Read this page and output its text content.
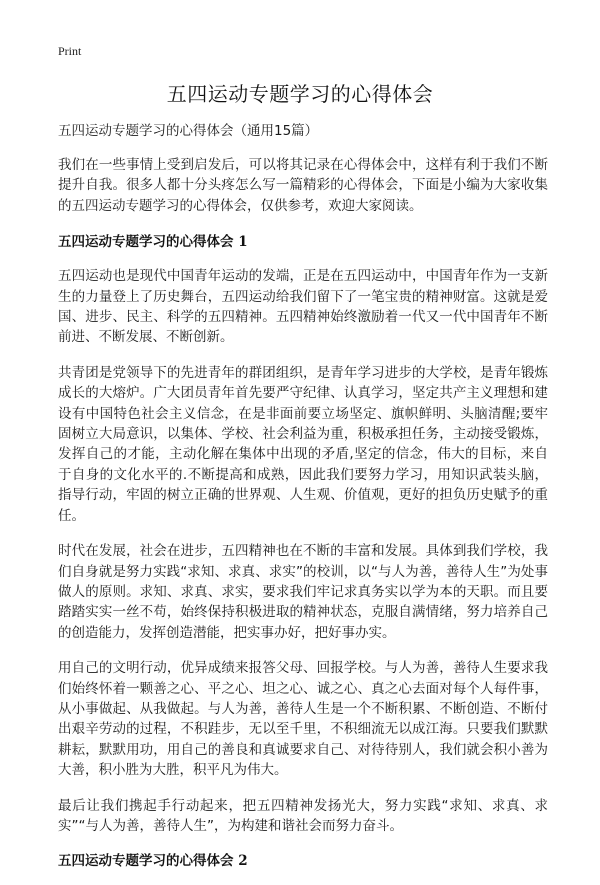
Print
五四运动专题学习的心得体会

五四运动专题学习的心得体会（通用15篇）

我们在一些事情上受到启发后，可以将其记录在心得体会中，这样有利于我们不断提升自我。很多人都十分头疼怎么写一篇精彩的心得体会，下面是小编为大家收集的五四运动专题学习的心得体会，仅供参考，欢迎大家阅读。

五四运动专题学习的心得体会 1

五四运动也是现代中国青年运动的发端，正是在五四运动中，中国青年作为一支新生的力量登上了历史舞台，五四运动给我们留下了一笔宝贵的精神财富。这就是爱国、进步、民主、科学的五四精神。五四精神始终激励着一代又一代中国青年不断前进、不断发展、不断创新。

共青团是党领导下的先进青年的群团组织，是青年学习进步的大学校，是青年锻炼成长的大熔炉。广大团员青年首先要严守纪律、认真学习，坚定共产主义理想和建设有中国特色社会主义信念，在是非面前要立场坚定、旗帜鲜明、头脑清醒;要牢固树立大局意识，以集体、学校、社会利益为重，积极承担任务，主动接受锻炼，发挥自己的才能，主动化解在集体中出现的矛盾,坚定的信念，伟大的目标，来自于自身的文化水平的.不断提高和成熟，因此我们要努力学习，用知识武装头脑，指导行动，牢固的树立正确的世界观、人生观、价值观，更好的担负历史赋予的重任。

时代在发展，社会在进步，五四精神也在不断的丰富和发展。具体到我们学校，我们自身就是努力实践“求知、求真、求实”的校训，以“与人为善，善待人生”为处事做人的原则。求知、求真、求实，要求我们牢记求真务实以学为本的天职。而且要踏踏实实一丝不苟，始终保持积极进取的精神状态，克服自满情绪，努力培养自己的创造能力，发挥创造潜能，把实事办好，把好事办实。

用自己的文明行动，优异成绩来报答父母、回报学校。与人为善，善待人生要求我们始终怀着一颗善之心、平之心、坦之心、诚之心、真之心去面对每个人每件事，从小事做起、从我做起。与人为善，善待人生是一个不断积累、不断创造、不断付出艰辛劳动的过程，不积跬步，无以至千里，不积细流无以成江海。只要我们默默耕耘，默默用功，用自己的善良和真诚要求自己、对待待别人，我们就会积小善为大善，积小胜为大胜，积平凡为伟大。

最后让我们携起手行动起来，把五四精神发扬光大，努力实践“求知、求真、求实”“与人为善，善待人生”，为构建和谐社会而努力奋斗。

五四运动专题学习的心得体会 2
